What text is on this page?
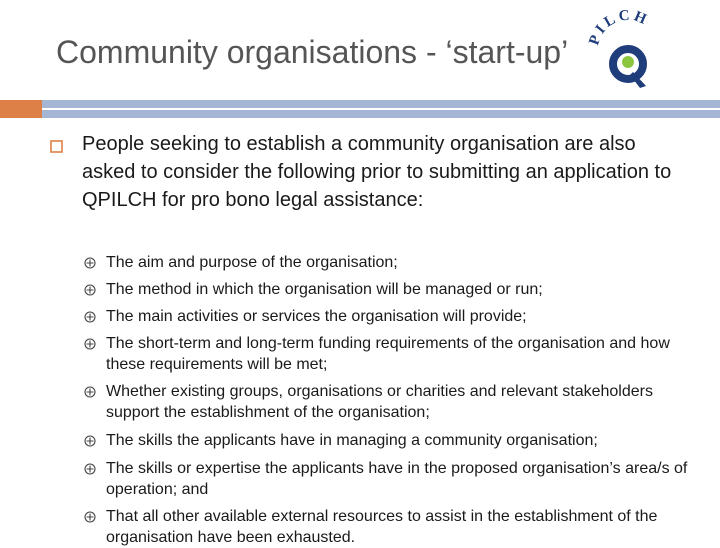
Community organisations - ‘start-up’ PILCH
People seeking to establish a community organisation are also asked to consider the following prior to submitting an application to QPILCH for pro bono legal assistance:
The aim and purpose of the organisation;
The method in which the organisation will be managed or run;
The main activities or services the organisation will provide;
The short-term and long-term funding requirements of the organisation and how these requirements will be met;
Whether existing groups, organisations or charities and relevant stakeholders support the establishment of the organisation;
The skills the applicants have in managing a community organisation;
The skills or expertise the applicants have in the proposed organisation’s area/s of operation; and
That all other available external resources to assist in the establishment of the organisation have been exhausted.
